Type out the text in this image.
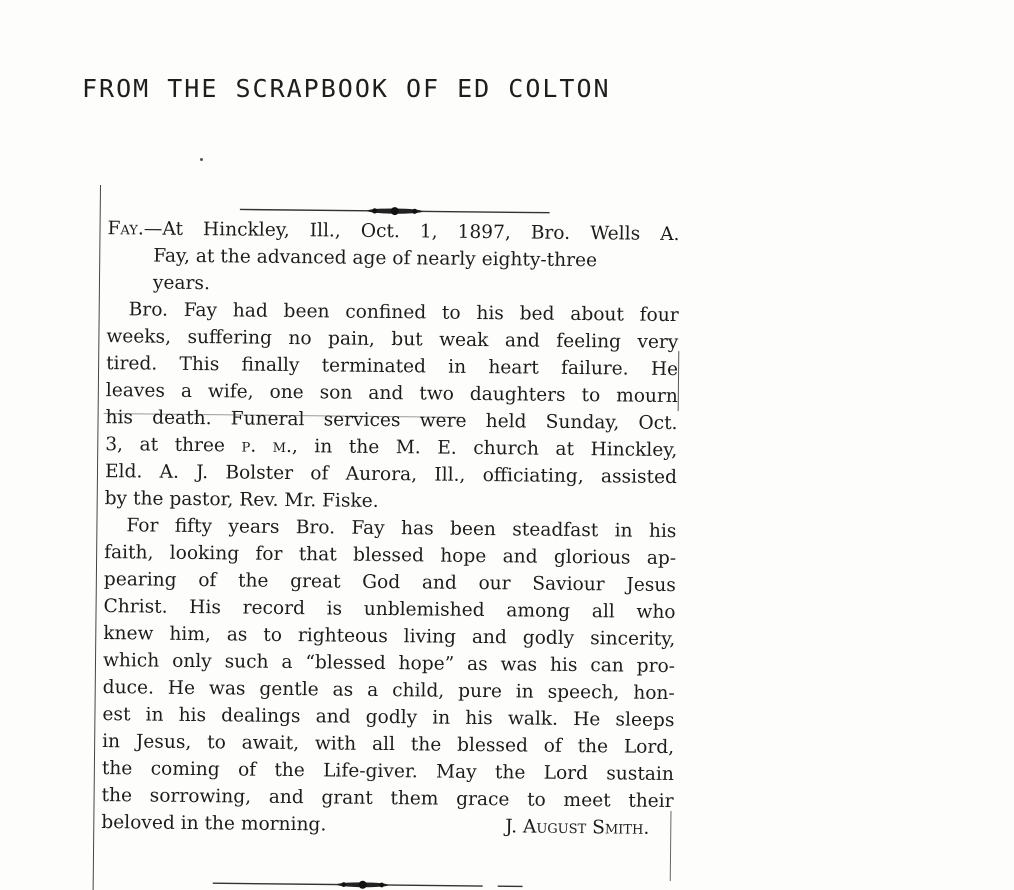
FROM THE SCRAPBOOK OF ED COLTON

Fay.—At Hinckley, Ill., Oct. 1, 1897, Bro. Wells A.
Fay, at the advanced age of nearly eighty-three
years.

Bro. Fay had been confined to his bed about four
weeks, suffering no pain, but weak and feeling very
tired. This finally terminated in heart failure. He
leaves a wife, one son and two daughters to mourn
his death. Funeral services were held Sunday, Oct.
3, at three p. m., in the M. E. church at Hinckley,
Eld. A. J. Bolster of Aurora, Ill., officiating, assisted
by the pastor, Rev. Mr. Fiske.

For fifty years Bro. Fay has been steadfast in his
faith, looking for that blessed hope and glorious ap-
pearing of the great God and our Saviour Jesus
Christ. His record is unblemished among all who
knew him, as to righteous living and godly sincerity,
which only such a “blessed hope” as was his can pro-
duce. He was gentle as a child, pure in speech, hon-
est in his dealings and godly in his walk. He sleeps
in Jesus, to await, with all the blessed of the Lord,
the coming of the Life-giver. May the Lord sustain
the sorrowing, and grant them grace to meet their
beloved in the morning.	J. August Smith.
